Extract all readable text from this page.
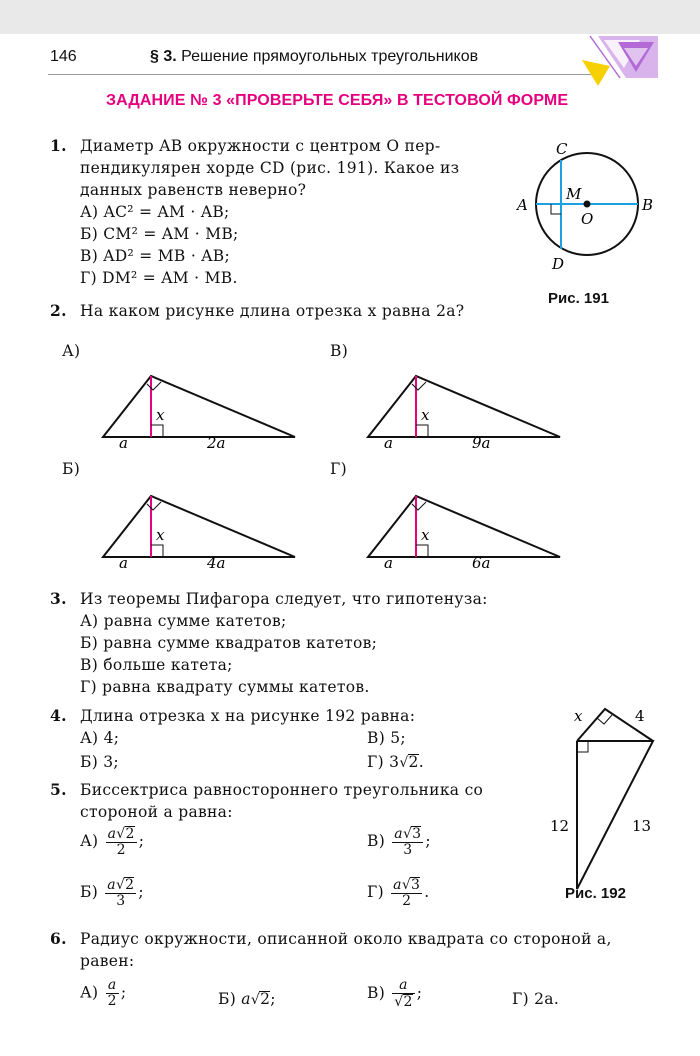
146	§ 3. Решение прямоугольных треугольников
ЗАДАНИЕ № 3 «ПРОВЕРЬТЕ СЕБЯ» В ТЕСТОВОЙ ФОРМЕ
1. Диаметр AB окружности с центром O пер-
пендикулярен хорде CD (рис. 191). Какое из
данных равенств неверно?
А) AC² = AM · AB;
Б) CM² = AM · MB;
В) AD² = MB · AB;
Г) DM² = AM · MB.
C
A	B
M
O
D
Рис. 191
2. На каком рисунке длина отрезка x равна 2a?
А)
x
a	2a
В)
x
a	9a
Б)
x
a	4a
Г)
x
a	6a
3. Из теоремы Пифагора следует, что гипотенуза:
А) равна сумме катетов;
Б) равна сумме квадратов катетов;
В) больше катета;
Г) равна квадрату суммы катетов.
4. Длина отрезка x на рисунке 192 равна:
А) 4;	В) 5;
Б) 3;	Г) 3√2.
x	4
12	13
Рис. 192
5. Биссектриса равностороннего треугольника со
стороной a равна:
$А) \frac{a√2}{2}$ ;	$В) \frac{a√3}{3}$ ;
$Б) \frac{a√2}{3}$ ;	$Г) \frac{a√3}{2}$ .
6. Радиус окружности, описанной около квадрата со стороной a,
равен:
$А) \frac{a}{2}$ ;	Б) a√2;	$В) \frac{a}{√2}$ ;	Г) 2a.
